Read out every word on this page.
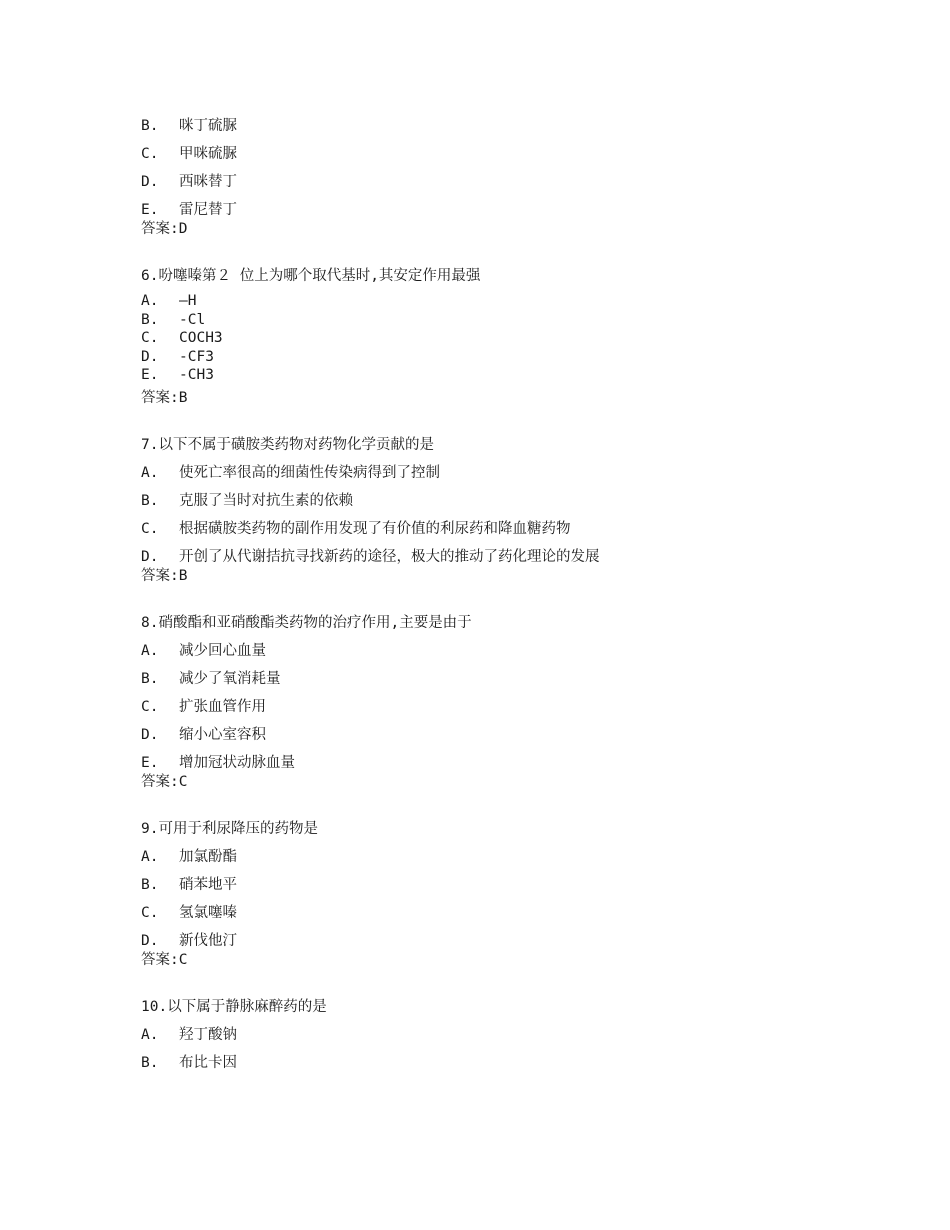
B. 咪丁硫脲
C. 甲咪硫脲
D. 西咪替丁
E. 雷尼替丁
答案:D
6.吩噻嗪第２ 位上为哪个取代基时,其安定作用最强
A. –H
B. -Cl
C. COCH3
D. -CF3
E. -CH3
答案:B
7.以下不属于磺胺类药物对药物化学贡献的是
A. 使死亡率很高的细菌性传染病得到了控制
B. 克服了当时对抗生素的依赖
C. 根据磺胺类药物的副作用发现了有价值的利尿药和降血糖药物
D. 开创了从代谢拮抗寻找新药的途径，极大的推动了药化理论的发展
答案:B
8.硝酸酯和亚硝酸酯类药物的治疗作用,主要是由于
A. 减少回心血量
B. 减少了氧消耗量
C. 扩张血管作用
D. 缩小心室容积
E. 增加冠状动脉血量
答案:C
9.可用于利尿降压的药物是
A. 加氯酚酯
B. 硝苯地平
C. 氢氯噻嗪
D. 新伐他汀
答案:C
10.以下属于静脉麻醉药的是
A. 羟丁酸钠
B. 布比卡因
